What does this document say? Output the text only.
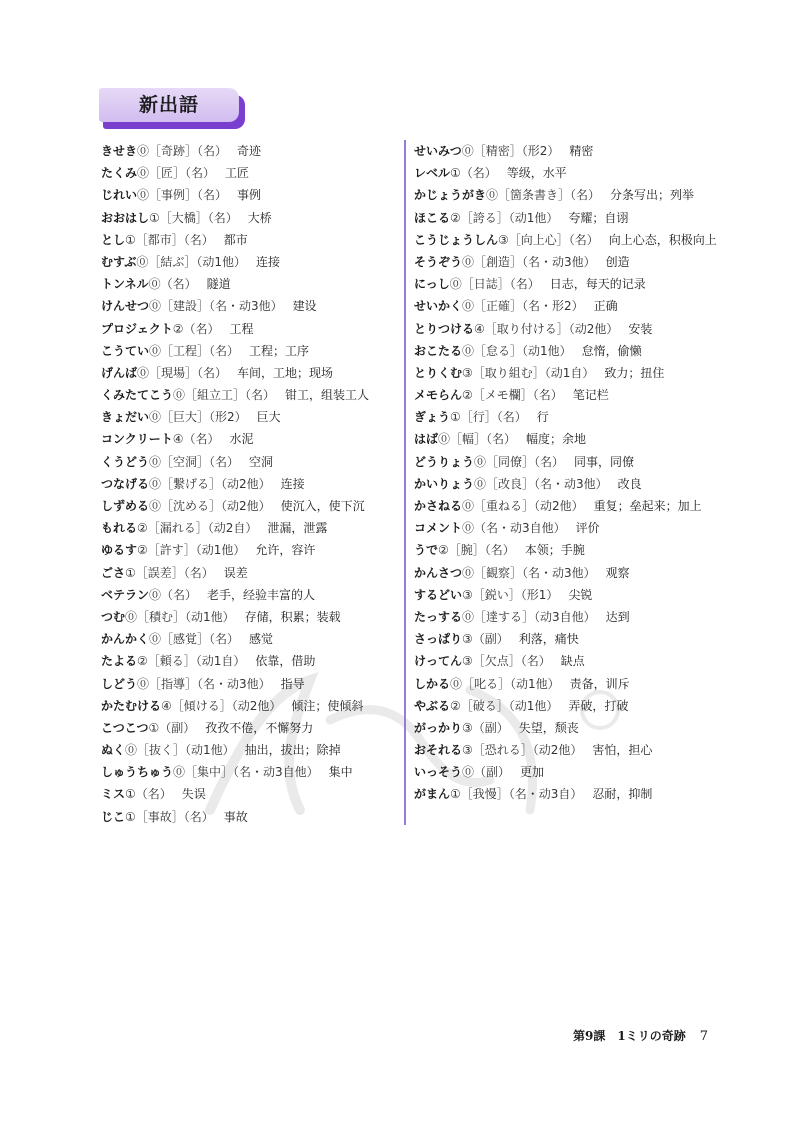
新出語
きせき⓪［奇跡］（名） 奇迹
たくみ⓪［匠］（名） 工匠
じれい⓪［事例］（名） 事例
おおはし①［大橋］（名） 大桥
とし①［都市］（名） 都市
むすぶ⓪［結ぶ］（动1他） 连接
トンネル⓪（名） 隧道
けんせつ⓪［建設］（名・动3他） 建设
プロジェクト②（名） 工程
こうてい⓪［工程］（名） 工程；工序
げんば⓪［現場］（名） 车间，工地；现场
くみたてこう⓪［組立工］（名） 钳工，组装工人
きょだい⓪［巨大］（形2） 巨大
コンクリート④（名） 水泥
くうどう⓪［空洞］（名） 空洞
つなげる⓪［繋げる］（动2他） 连接
しずめる⓪［沈める］（动2他） 使沉入，使下沉
もれる②［漏れる］（动2自） 泄漏，泄露
ゆるす②［許す］（动1他） 允许，容许
ごさ①［誤差］（名） 误差
ベテラン⓪（名） 老手，经验丰富的人
つむ⓪［積む］（动1他） 存储，积累；装载
かんかく⓪［感覚］（名） 感觉
たよる②［頼る］（动1自） 依靠，借助
しどう⓪［指導］（名・动3他） 指导
かたむける④［傾ける］（动2他） 倾注；使倾斜
こつこつ①（副） 孜孜不倦，不懈努力
ぬく⓪［抜く］（动1他） 抽出，拔出；除掉
しゅうちゅう⓪［集中］（名・动3自他） 集中
ミス①（名） 失误
じこ①［事故］（名） 事故
せいみつ⓪［精密］（形2） 精密
レベル①（名） 等级，水平
かじょうがき⓪［箇条書き］（名） 分条写出；列举
ほこる②［誇る］（动1他） 夸耀；自诩
こうじょうしん③［向上心］（名） 向上心态，积极向上
そうぞう⓪［創造］（名・动3他） 创造
にっし⓪［日誌］（名） 日志，每天的记录
せいかく⓪［正確］（名・形2） 正确
とりつける④［取り付ける］（动2他） 安装
おこたる⓪［怠る］（动1他） 怠惰，偷懒
とりくむ③［取り組む］（动1自） 致力；扭住
メモらん②［メモ欄］（名） 笔记栏
ぎょう①［行］（名） 行
はば⓪［幅］（名） 幅度；余地
どうりょう⓪［同僚］（名） 同事，同僚
かいりょう⓪［改良］（名・动3他） 改良
かさねる⓪［重ねる］（动2他） 重复；垒起来；加上
コメント⓪（名・动3自他） 评价
うで②［腕］（名） 本领；手腕
かんさつ⓪［観察］（名・动3他） 观察
するどい③［鋭い］（形1） 尖锐
たっする⓪［達する］（动3自他） 达到
さっぱり③（副） 利落，痛快
けってん③［欠点］（名） 缺点
しかる⓪［叱る］（动1他） 责备，训斥
やぶる②［破る］（动1他） 弄破，打破
がっかり③（副） 失望，颓丧
おそれる③［恐れる］（动2他） 害怕，担心
いっそう⓪（副） 更加
がまん①［我慢］（名・动3自） 忍耐，抑制
第9課　1ミリの奇跡 7
